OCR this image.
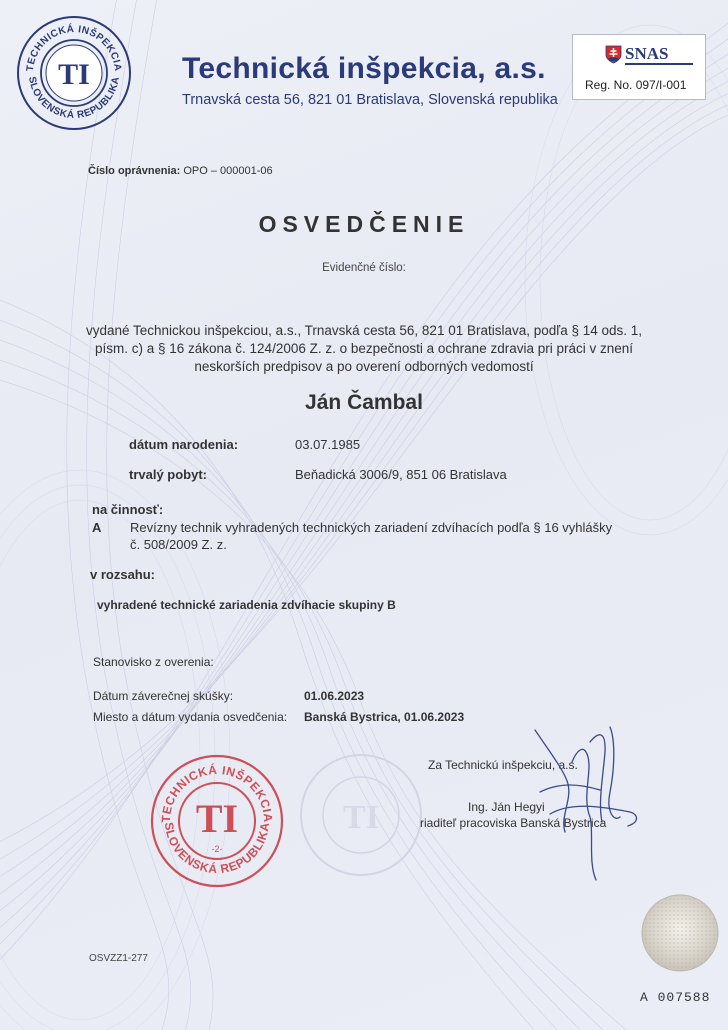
TECHNICKÁ INŠPEKCIA
SLOVENSKÁ REPUBLIKA
TI	Technická inšpekcia, a.s.
Trnavská cesta 56, 821 01 Bratislava, Slovenská republika
SNAS
Reg. No. 097/I-001
Číslo oprávnenia: OPO – 000001-06
OSVEDČENIE
Evidenčné číslo:
vydané Technickou inšpekciou, a.s., Trnavská cesta 56, 821 01 Bratislava, podľa § 14 ods. 1,
písm. c) a § 16 zákona č. 124/2006 Z. z. o bezpečnosti a ochrane zdravia pri práci v znení
neskorších predpisov a po overení odborných vedomostí
Ján Čambal
dátum narodenia:	03.07.1985
trvalý pobyt:	Beňadická 3006/9, 851 06 Bratislava
na činnosť:
A Revízny technik vyhradených technických zariadení zdvíhacích podľa § 16 vyhlášky
č. 508/2009 Z. z.
v rozsahu:
vyhradené technické zariadenia zdvíhacie skupiny B
Stanovisko z overenia:
Dátum záverečnej skúšky:	01.06.2023
Miesto a dátum vydania osvedčenia: Banská Bystrica, 01.06.2023
TI
TECHNICKÁ INŠPEKCIA
SLOVENSKÁ REPUBLIKA
TI
-2-
Za Technickú inšpekciu, a.s.
Ing. Ján Hegyi
riaditeľ pracoviska Banská Bystrica
OSVZZ1-277
A 007588
